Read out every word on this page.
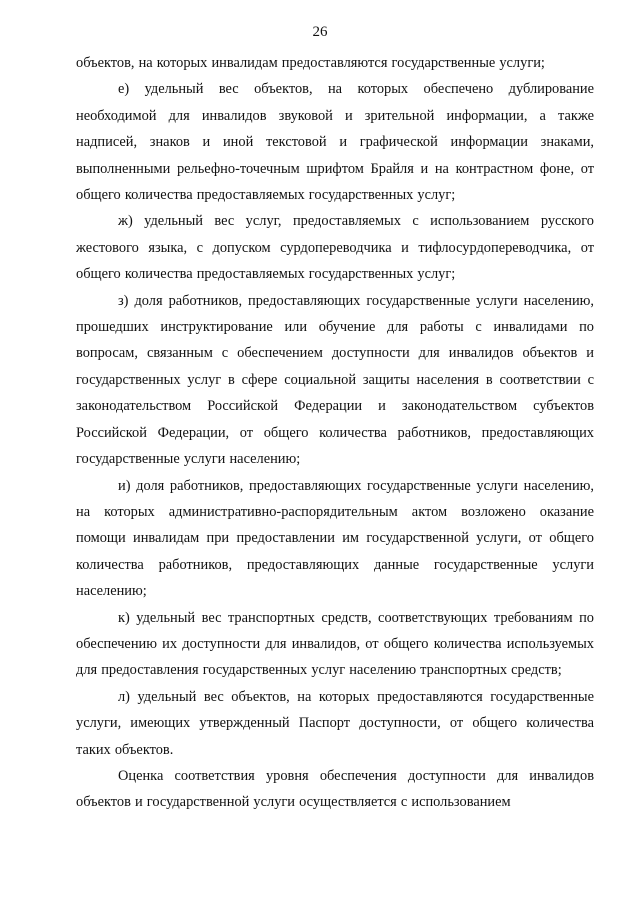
26

объектов, на которых инвалидам предоставляются государственные услуги;

е) удельный вес объектов, на которых обеспечено дублирование необходимой для инвалидов звуковой и зрительной информации, а также надписей, знаков и иной текстовой и графической информации знаками, выполненными рельефно-точечным шрифтом Брайля и на контрастном фоне, от общего количества предоставляемых государственных услуг;

ж) удельный вес услуг, предоставляемых с использованием русского жестового языка, с допуском сурдопереводчика и тифлосурдопереводчика, от общего количества предоставляемых государственных услуг;

з) доля работников, предоставляющих государственные услуги населению, прошедших инструктирование или обучение для работы с инвалидами по вопросам, связанным с обеспечением доступности для инвалидов объектов и государственных услуг в сфере социальной защиты населения в соответствии с законодательством Российской Федерации и законодательством субъектов Российской Федерации, от общего количества работников, предоставляющих государственные услуги населению;

и) доля работников, предоставляющих государственные услуги населению, на которых административно-распорядительным актом возложено оказание помощи инвалидам при предоставлении им государственной услуги, от общего количества работников, предоставляющих данные государственные услуги населению;

к) удельный вес транспортных средств, соответствующих требованиям по обеспечению их доступности для инвалидов, от общего количества используемых для предоставления государственных услуг населению транспортных средств;

л) удельный вес объектов, на которых предоставляются государственные услуги, имеющих утвержденный Паспорт доступности, от общего количества таких объектов.

Оценка соответствия уровня обеспечения доступности для инвалидов объектов и государственной услуги осуществляется с использованием
